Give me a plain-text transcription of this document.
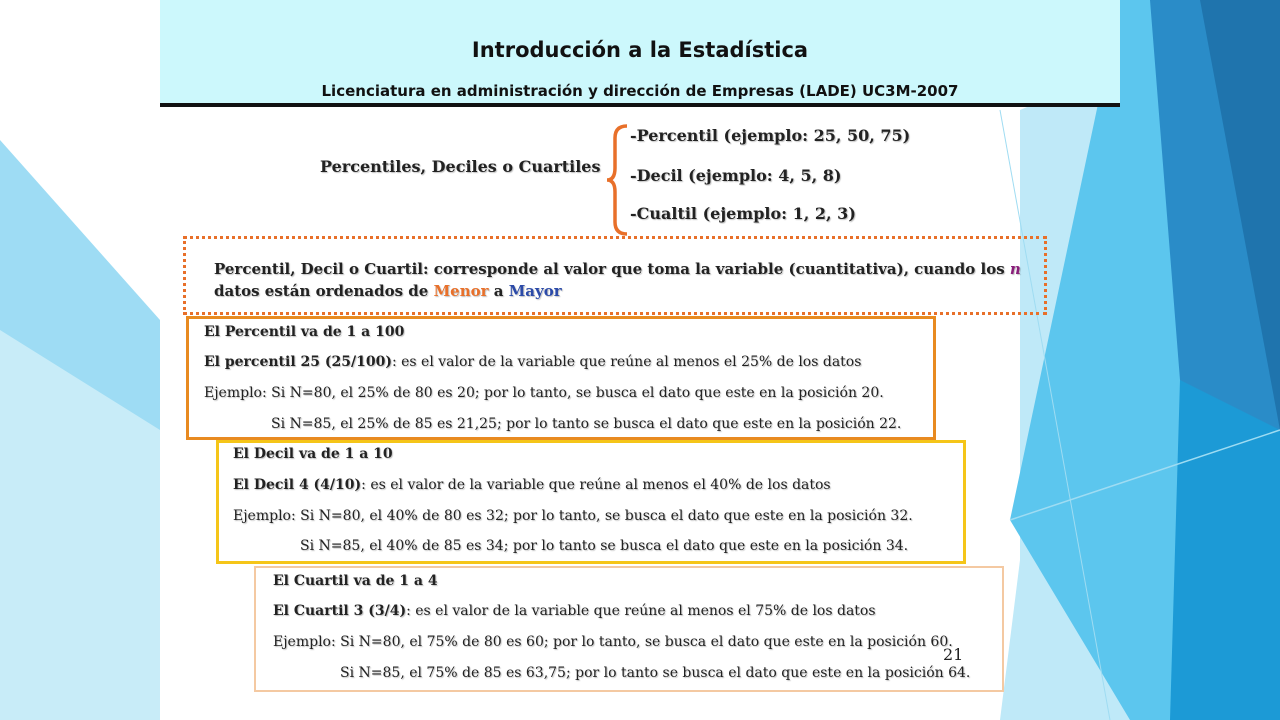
Introducción a la Estadística
Licenciatura en administración y dirección de Empresas (LADE) UC3M-2007
Percentiles, Deciles o Cuartiles
-Percentil (ejemplo: 25, 50, 75)
-Decil (ejemplo: 4, 5, 8)
-Cualtil (ejemplo: 1, 2, 3)
Percentil, Decil o Cuartil: corresponde al valor que toma la variable (cuantitativa), cuando los n
datos están ordenados de Menor a Mayor
El Percentil va de 1 a 100
El percentil 25 (25/100): es el valor de la variable que reúne al menos el 25% de los datos
Ejemplo: Si N=80, el 25% de 80 es 20; por lo tanto, se busca el dato que este en la posición 20.
Si N=85, el 25% de 85 es 21,25; por lo tanto se busca el dato que este en la posición 22.
El Decil va de 1 a 10
El Decil 4 (4/10): es el valor de la variable que reúne al menos el 40% de los datos
Ejemplo: Si N=80, el 40% de 80 es 32; por lo tanto, se busca el dato que este en la posición 32.
Si N=85, el 40% de 85 es 34; por lo tanto se busca el dato que este en la posición 34.
El Cuartil va de 1 a 4
El Cuartil 3 (3/4): es el valor de la variable que reúne al menos el 75% de los datos
Ejemplo: Si N=80, el 75% de 80 es 60; por lo tanto, se busca el dato que este en la posición 60.
Si N=85, el 75% de 85 es 63,75; por lo tanto se busca el dato que este en la posición 64.
21
